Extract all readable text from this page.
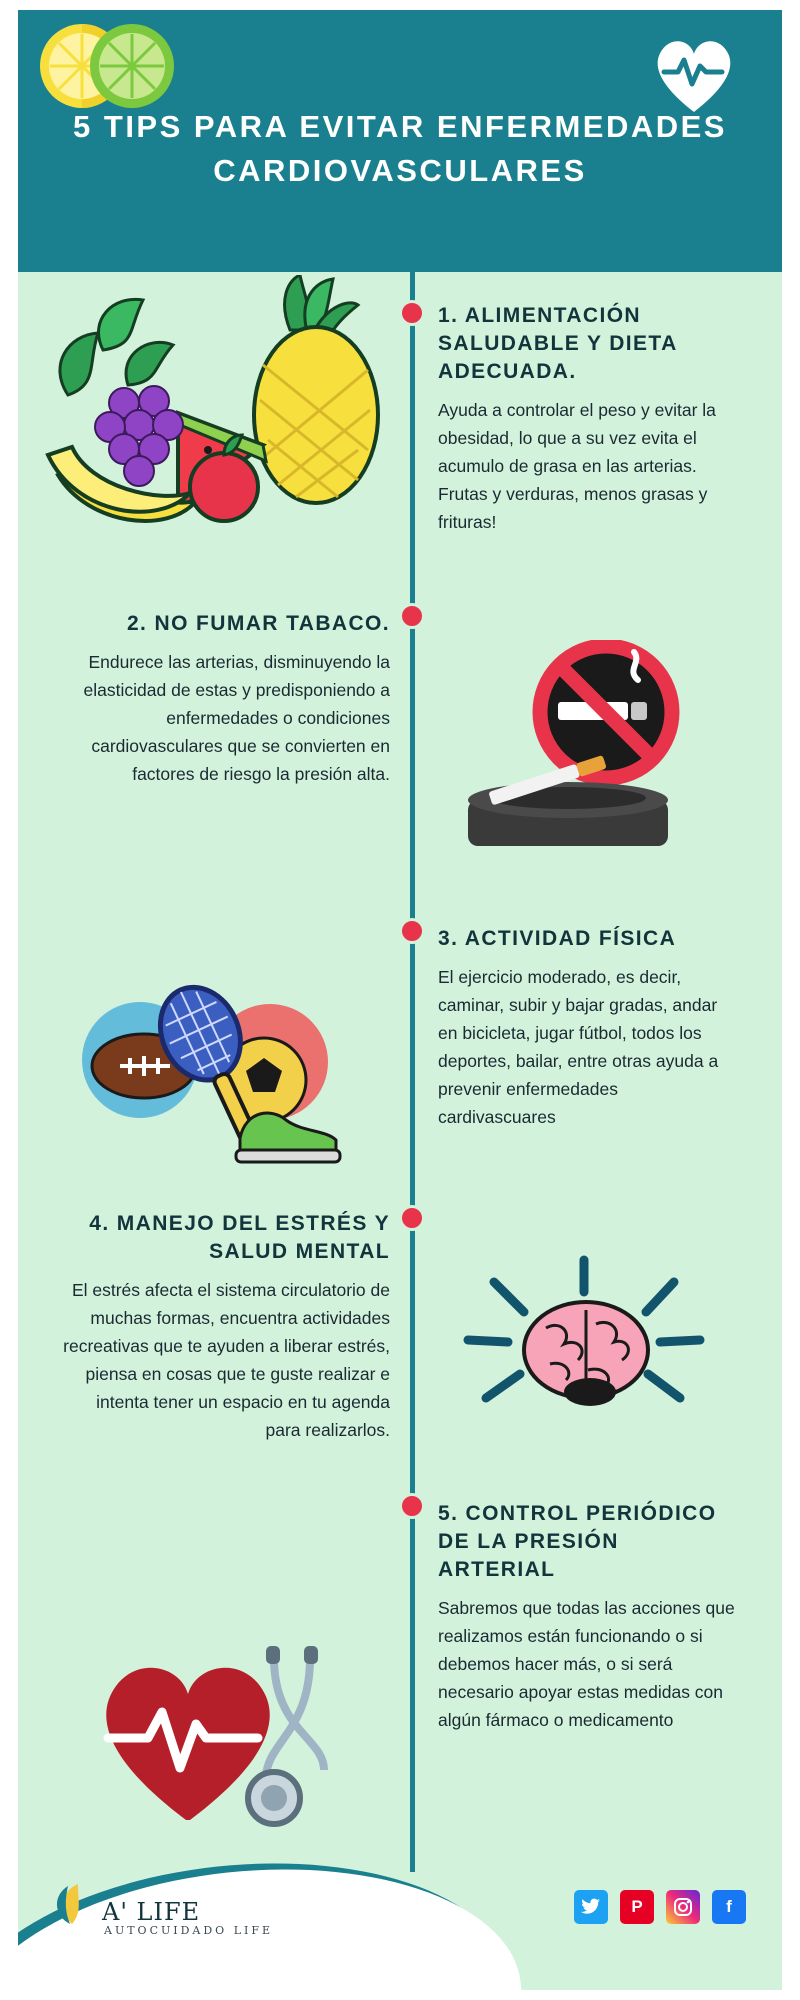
5 TIPS PARA EVITAR ENFERMEDADES CARDIOVASCULARES
1. ALIMENTACIÓN SALUDABLE Y DIETA ADECUADA.
Ayuda a controlar el peso y evitar la obesidad, lo que a su vez evita el acumulo de grasa en las arterias. Frutas y verduras, menos grasas y frituras!
2. NO FUMAR TABACO.
Endurece las arterias, disminuyendo la elasticidad de estas y predisponiendo a enfermedades o condiciones cardiovasculares que se convierten en factores de riesgo la presión alta.
3. ACTIVIDAD FÍSICA
El ejercicio moderado, es decir, caminar, subir y bajar gradas, andar en bicicleta, jugar fútbol, todos los deportes, bailar, entre otras ayuda a prevenir enfermedades cardivascuares
4. MANEJO DEL ESTRÉS Y SALUD MENTAL
El estrés afecta el sistema circulatorio de muchas formas, encuentra actividades recreativas que te ayuden a liberar estrés, piensa en cosas que te guste realizar e intenta tener un espacio en tu agenda para realizarlos.
5. CONTROL PERIÓDICO DE LA PRESIÓN ARTERIAL
Sabremos que todas las acciones que realizamos están funcionando o si debemos hacer más, o si será necesario apoyar estas medidas con algún fármaco o medicamento
A' LIFE
AUTOCUIDADO LIFE
P	f
